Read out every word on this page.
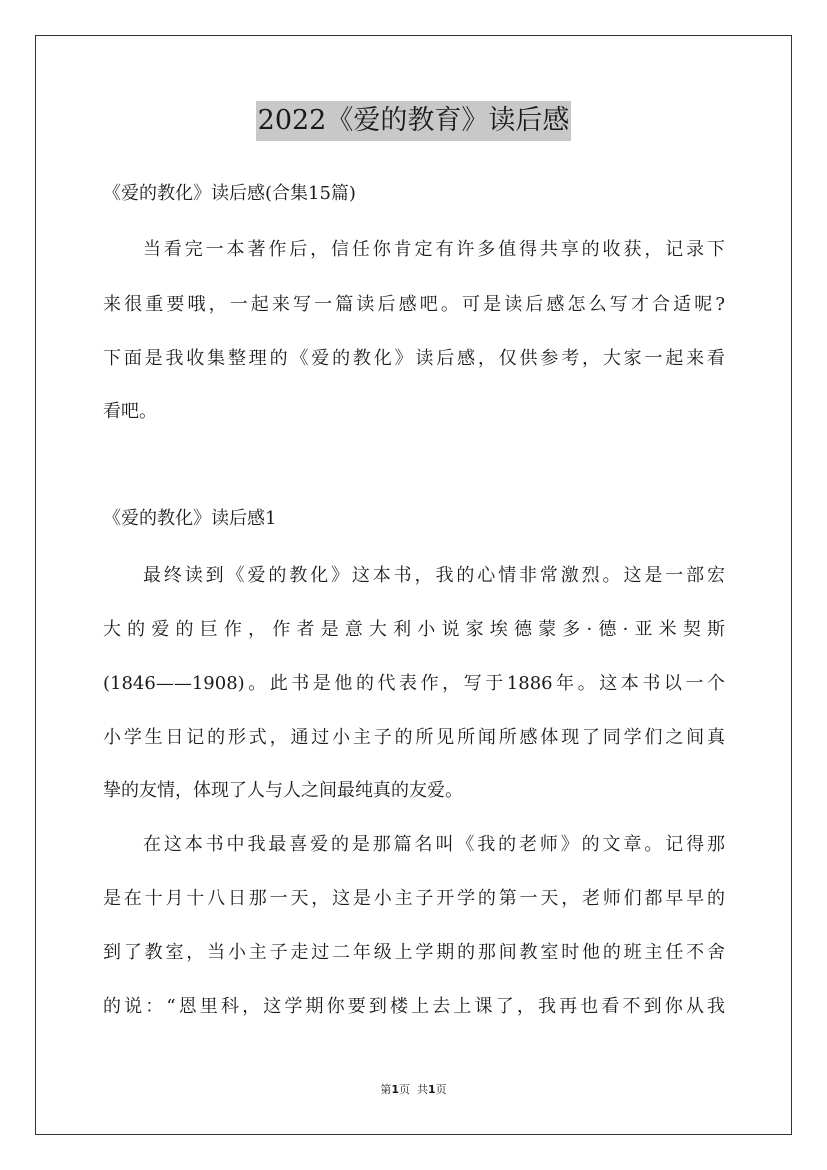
2022《爱的教育》读后感
《爱的教化》读后感(合集15篇)
当看完一本著作后，信任你肯定有许多值得共享的收获，记录下
来很重要哦，一起来写一篇读后感吧。可是读后感怎么写才合适呢?
下面是我收集整理的《爱的教化》读后感，仅供参考，大家一起来看
看吧。
《爱的教化》读后感1
最终读到《爱的教化》这本书，我的心情非常激烈。这是一部宏
大的爱的巨作，作者是意大利小说家埃德蒙多·德·亚米契斯
(1846——1908)。此书是他的代表作，写于1886年。这本书以一个
小学生日记的形式，通过小主子的所见所闻所感体现了同学们之间真
挚的友情，体现了人与人之间最纯真的友爱。
在这本书中我最喜爱的是那篇名叫《我的老师》的文章。记得那
是在十月十八日那一天，这是小主子开学的第一天，老师们都早早的
到了教室，当小主子走过二年级上学期的那间教室时他的班主任不舍
的说：“恩里科，这学期你要到楼上去上课了，我再也看不到你从我
第1页  共1页
